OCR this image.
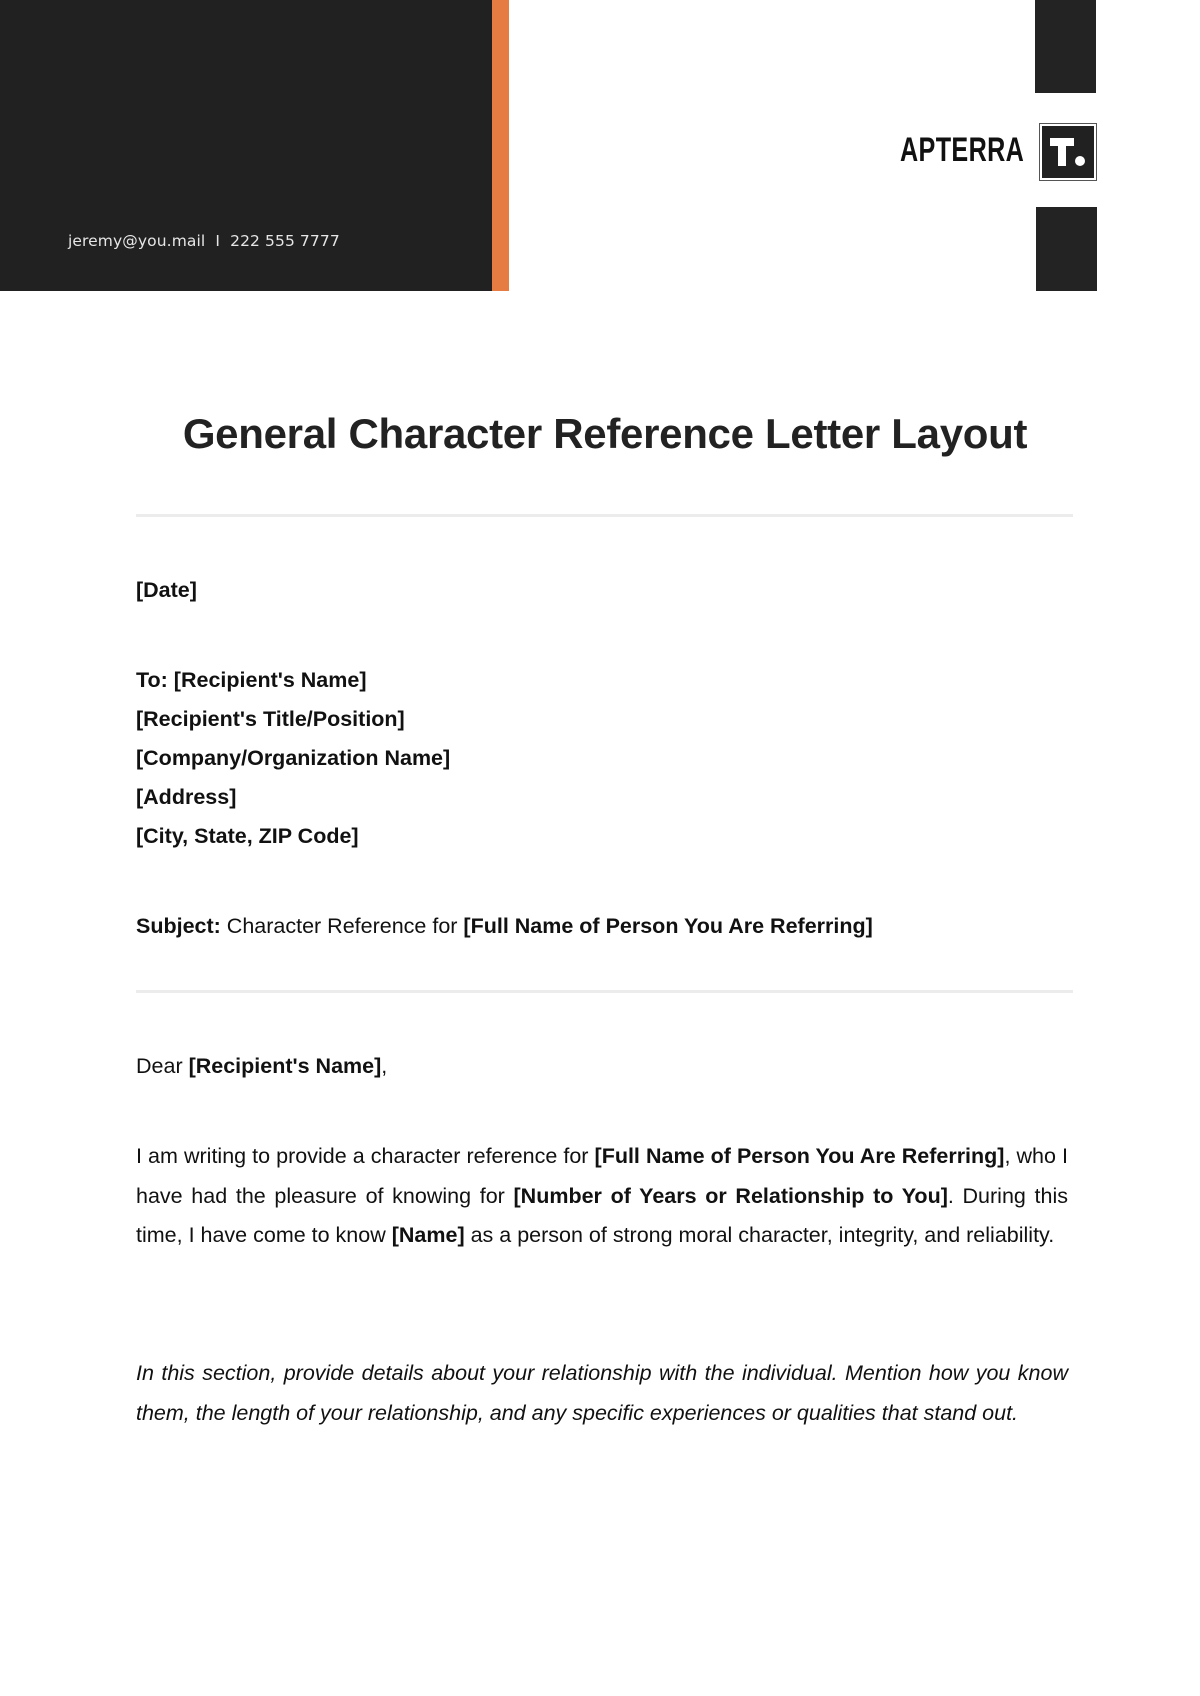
jeremy@you.mail I 222 555 7777
APTERRA
General Character Reference Letter Layout
[Date]
To: [Recipient's Name]
[Recipient's Title/Position]
[Company/Organization Name]
[Address]
[City, State, ZIP Code]
Subject: Character Reference for [Full Name of Person You Are Referring]
Dear [Recipient's Name],
I am writing to provide a character reference for [Full Name of Person You Are Referring], who I have had the pleasure of knowing for [Number of Years or Relationship to You]. During this time, I have come to know [Name] as a person of strong moral character, integrity, and reliability.
In this section, provide details about your relationship with the individual. Mention how you know them, the length of your relationship, and any specific experiences or qualities that stand out.
